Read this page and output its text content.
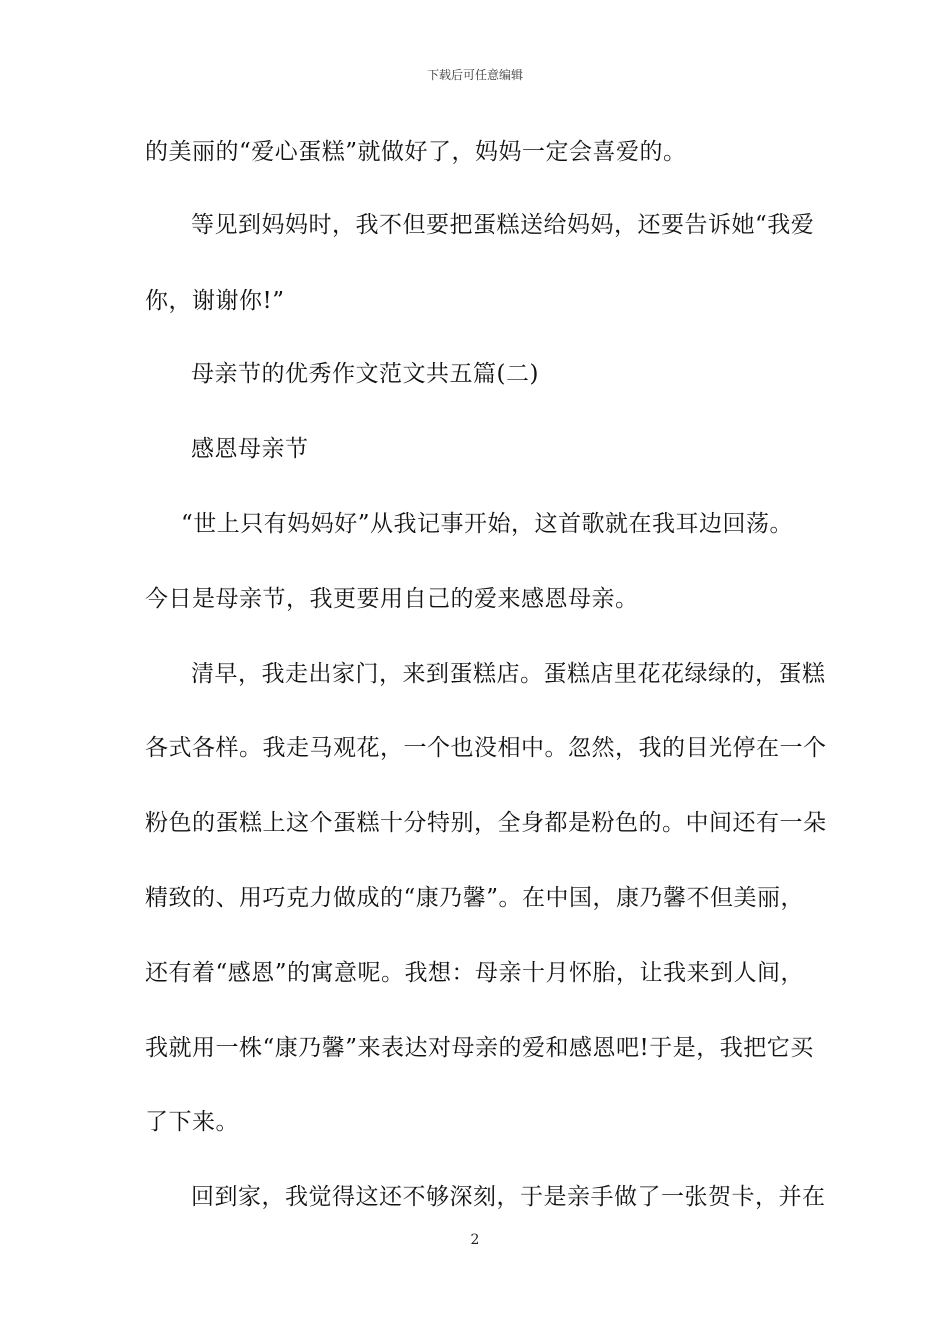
下载后可任意编辑
的美丽的“爱心蛋糕”就做好了，妈妈一定会喜爱的。
等见到妈妈时，我不但要把蛋糕送给妈妈，还要告诉她“我爱
你，谢谢你!”
母亲节的优秀作文范文共五篇(二)
感恩母亲节
“世上只有妈妈好”从我记事开始，这首歌就在我耳边回荡。
今日是母亲节，我更要用自己的爱来感恩母亲。
清早，我走出家门，来到蛋糕店。蛋糕店里花花绿绿的，蛋糕
各式各样。我走马观花，一个也没相中。忽然，我的目光停在一个
粉色的蛋糕上这个蛋糕十分特别，全身都是粉色的。中间还有一朵
精致的、用巧克力做成的“康乃馨”。在中国，康乃馨不但美丽，
还有着“感恩”的寓意呢。我想：母亲十月怀胎，让我来到人间，
我就用一株“康乃馨”来表达对母亲的爱和感恩吧!于是，我把它买
了下来。
回到家，我觉得这还不够深刻，于是亲手做了一张贺卡，并在
2
